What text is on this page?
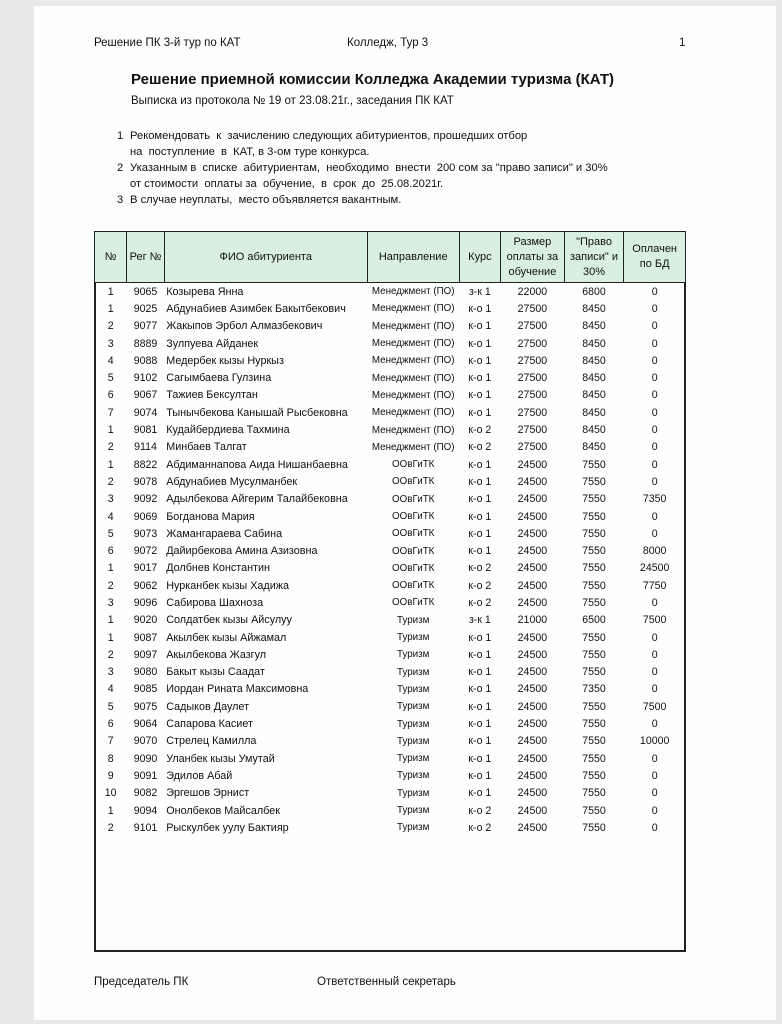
Решение ПК 3-й тур по КАТ	Колледж, Тур 3	1
Решение приемной комиссии Колледжа Академии туризма (КАТ)
Выписка из протокола № 19 от 23.08.21г., заседания ПК КАТ
1 Рекомендовать  к  зачислению следующих абитуриентов, прошедших отбор
на  поступление  в  КАТ, в 3-ом туре конкурса.
2 Указанным в  списке  абитуриентам,  необходимо  внести  200 сом за "право записи" и 30%
от стоимости  оплаты за  обучение,  в  срок  до  25.08.2021г.
3 В случае неуплаты,  место объявляется вакантным.
№	Рег №	ФИО абитуриента	Направление	Курс	Размер оплаты за обучение	"Право записи" и 30%	Оплачен по БД
1	9065	Козырева Янна	Менеджмент (ПО)	з-к 1	22000	6800	0
1	9025	Абдунабиев Азимбек Бакытбекович	Менеджмент (ПО)	к-о 1	27500	8450	0
2	9077	Жакыпов Эрбол Алмазбекович	Менеджмент (ПО)	к-о 1	27500	8450	0
3	8889	Зулпуева Айданек	Менеджмент (ПО)	к-о 1	27500	8450	0
4	9088	Медербек кызы Нуркыз	Менеджмент (ПО)	к-о 1	27500	8450	0
5	9102	Сагымбаева Гулзина	Менеджмент (ПО)	к-о 1	27500	8450	0
6	9067	Тажиев Бексултан	Менеджмент (ПО)	к-о 1	27500	8450	0
7	9074	Тынычбекова Канышай Рысбековна	Менеджмент (ПО)	к-о 1	27500	8450	0
1	9081	Кудайбердиева Тахмина	Менеджмент (ПО)	к-о 2	27500	8450	0
2	9114	Минбаев Талгат	Менеджмент (ПО)	к-о 2	27500	8450	0
1	8822	Абдиманнапова Аида Нишанбаевна	ООвГиТК	к-о 1	24500	7550	0
2	9078	Абдунабиев Мусулманбек	ООвГиТК	к-о 1	24500	7550	0
3	9092	Адылбекова Айгерим Талайбековна	ООвГиТК	к-о 1	24500	7550	7350
4	9069	Богданова Мария	ООвГиТК	к-о 1	24500	7550	0
5	9073	Жамангараева Сабина	ООвГиТК	к-о 1	24500	7550	0
6	9072	Дайирбекова Амина Азизовна	ООвГиТК	к-о 1	24500	7550	8000
1	9017	Долбнев Константин	ООвГиТК	к-о 2	24500	7550	24500
2	9062	Нурканбек кызы Хадижа	ООвГиТК	к-о 2	24500	7550	7750
3	9096	Сабирова Шахноза	ООвГиТК	к-о 2	24500	7550	0
1	9020	Солдатбек кызы Айсулуу	Туризм	з-к 1	21000	6500	7500
1	9087	Акылбек кызы Айжамал	Туризм	к-о 1	24500	7550	0
2	9097	Акылбекова Жазгул	Туризм	к-о 1	24500	7550	0
3	9080	Бакыт кызы Саадат	Туризм	к-о 1	24500	7550	0
4	9085	Иордан Рината Максимовна	Туризм	к-о 1	24500	7350	0
5	9075	Садыков Даулет	Туризм	к-о 1	24500	7550	7500
6	9064	Сапарова Касиет	Туризм	к-о 1	24500	7550	0
7	9070	Стрелец Камилла	Туризм	к-о 1	24500	7550	10000
8	9090	Уланбек кызы Умутай	Туризм	к-о 1	24500	7550	0
9	9091	Эдилов Абай	Туризм	к-о 1	24500	7550	0
10	9082	Эргешов Эрнист	Туризм	к-о 1	24500	7550	0
1	9094	Онолбеков Майсалбек	Туризм	к-о 2	24500	7550	0
2	9101	Рыскулбек уулу Бактияр	Туризм	к-о 2	24500	7550	0
Председатель ПК	Ответственный секретарь
